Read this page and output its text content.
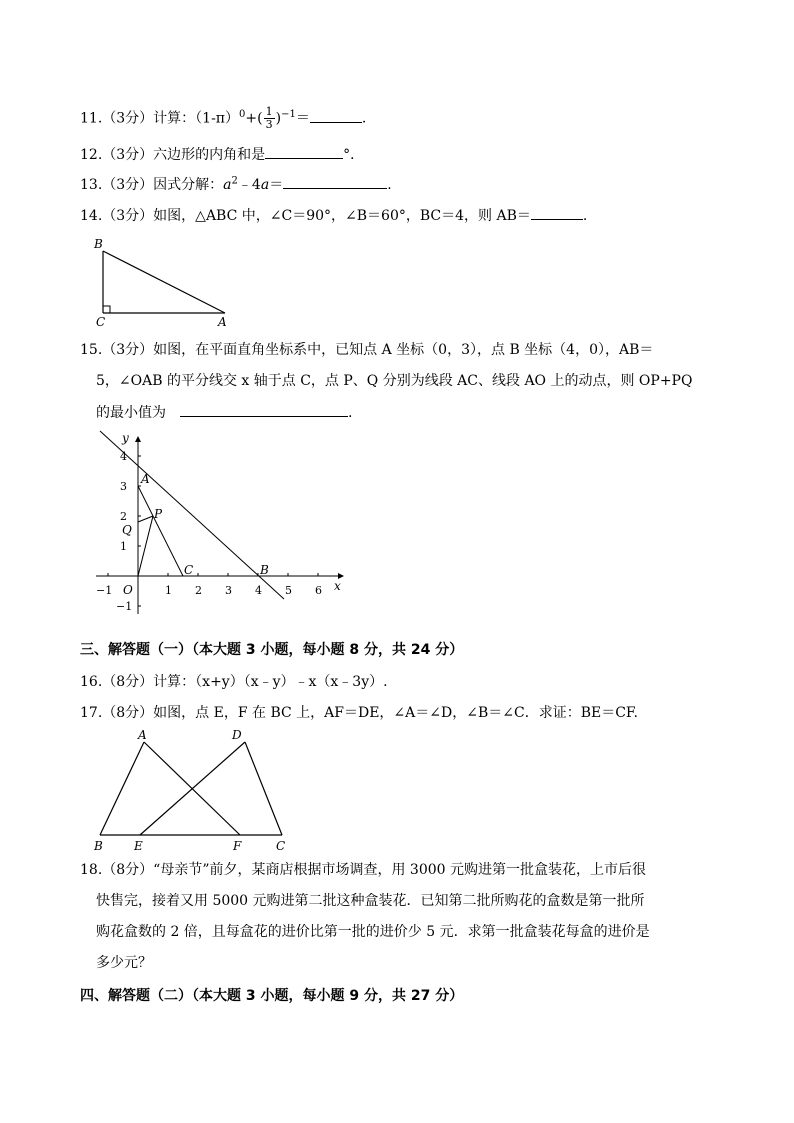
11.（3分）计算：$(1-\pi)^0+( \frac{1}{3} )^{-1}=$	.
12.（3分）六边形的内角和是	°．
13.（3分）因式分解：$a^2﹣4a=$	.
14.（3分）如图，△ABC 中，∠C＝90°，∠B＝60°，BC＝4，则 AB＝	.
B
C	A
15.（3分）如图，在平面直角坐标系中，已知点 A 坐标（0，3），点 B 坐标（4，0），AB＝
5，∠OAB 的平分线交 x 轴于点 C，点 P、Q 分别为线段 AC、线段 AO 上的动点，则 OP+PQ
的最小值为	.
y
x
O
A
B
C
P
Q
−1	1 2 3 4 5 6
4
3
2
1
−1
三、解答题（一）（本大题 3 小题，每小题 8 分，共 24 分）
16.（8分）计算：（x+y）（x﹣y）﹣x（x﹣3y）.
17.（8分）如图，点 E，F 在 BC 上，AF＝DE，∠A＝∠D，∠B＝∠C．求证：BE＝CF.
A	D
B	E	F	C
18.（8分）“母亲节”前夕，某商店根据市场调查，用 3000 元购进第一批盒装花，上市后很
快售完，接着又用 5000 元购进第二批这种盒装花．已知第二批所购花的盒数是第一批所
购花盒数的 2 倍，且每盒花的进价比第一批的进价少 5 元．求第一批盒装花每盒的进价是
多少元？
四、解答题（二）（本大题 3 小题，每小题 9 分，共 27 分）
